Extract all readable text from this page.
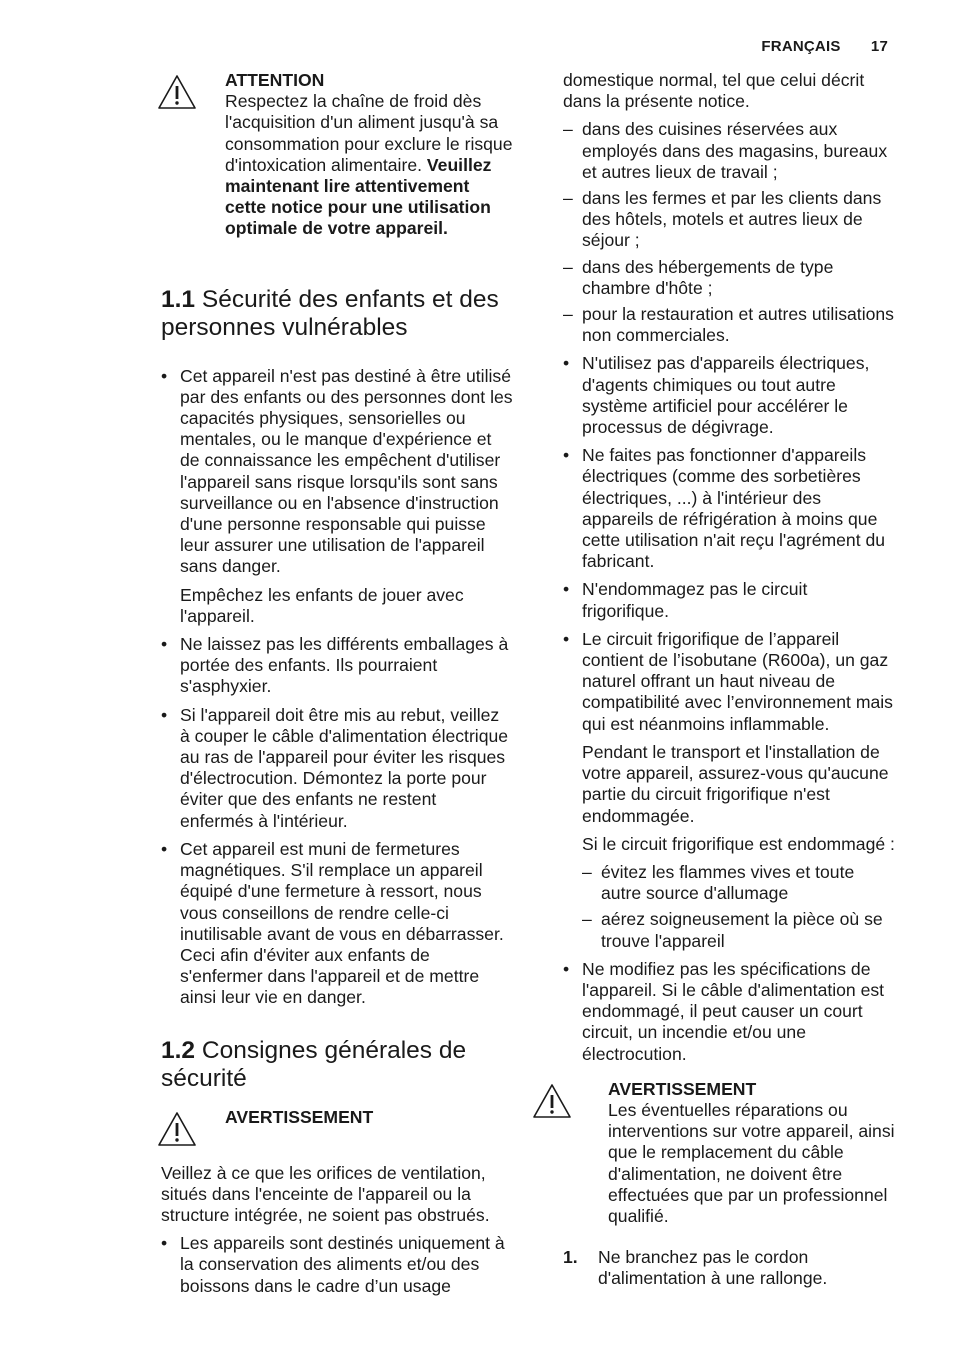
FRANÇAIS 17
ATTENTION
Respectez la chaîne de froid dès l'acquisition d'un aliment jusqu'à sa consommation pour exclure le risque d'intoxication alimentaire. Veuillez maintenant lire attentivement cette notice pour une utilisation optimale de votre appareil.
1.1 Sécurité des enfants et des personnes vulnérables
• Cet appareil n'est pas destiné à être utilisé par des enfants ou des personnes dont les capacités physiques, sensorielles ou mentales, ou le manque d'expérience et de connaissance les empêchent d'utiliser l'appareil sans risque lorsqu'ils sont sans surveillance ou en l'absence d'instruction d'une personne responsable qui puisse leur assurer une utilisation de l'appareil sans danger.

Empêchez les enfants de jouer avec l'appareil.

• Ne laissez pas les différents emballages à portée des enfants. Ils pourraient s'asphyxier.
• Si l'appareil doit être mis au rebut, veillez à couper le câble d'alimentation électrique au ras de l'appareil pour éviter les risques d'électrocution. Démontez la porte pour éviter que des enfants ne restent enfermés à l'intérieur.
• Cet appareil est muni de fermetures magnétiques. S'il remplace un appareil équipé d'une fermeture à ressort, nous vous conseillons de rendre celle-ci inutilisable avant de vous en débarrasser. Ceci afin d'éviter aux enfants de s'enfermer dans l'appareil et de mettre ainsi leur vie en danger.
1.2 Consignes générales de sécurité
AVERTISSEMENT

Veillez à ce que les orifices de ventilation, situés dans l'enceinte de l'appareil ou la structure intégrée, ne soient pas obstrués.

• Les appareils sont destinés uniquement à la conservation des aliments et/ou des boissons dans le cadre d’un usage

domestique normal, tel que celui décrit dans la présente notice.

– dans des cuisines réservées aux employés dans des magasins, bureaux et autres lieux de travail ;
– dans les fermes et par les clients dans des hôtels, motels et autres lieux de séjour ;
– dans des hébergements de type chambre d'hôte ;
– pour la restauration et autres utilisations non commerciales.
• N'utilisez pas d'appareils électriques, d'agents chimiques ou tout autre système artificiel pour accélérer le processus de dégivrage.
• Ne faites pas fonctionner d'appareils électriques (comme des sorbetières électriques, ...) à l'intérieur des appareils de réfrigération à moins que cette utilisation n'ait reçu l'agrément du fabricant.
• N'endommagez pas le circuit frigorifique.
• Le circuit frigorifique de l’appareil contient de l’isobutane (R600a), un gaz naturel offrant un haut niveau de compatibilité avec l’environnement mais qui est néanmoins inflammable.

Pendant le transport et l'installation de votre appareil, assurez-vous qu'aucune partie du circuit frigorifique n'est endommagée.

Si le circuit frigorifique est endommagé :

– évitez les flammes vives et toute autre source d'allumage
– aérez soigneusement la pièce où se trouve l'appareil
• Ne modifiez pas les spécifications de l'appareil. Si le câble d'alimentation est endommagé, il peut causer un court circuit, un incendie et/ou une électrocution.
AVERTISSEMENT
Les éventuelles réparations ou interventions sur votre appareil, ainsi que le remplacement du câble d'alimentation, ne doivent être effectuées que par un professionnel qualifié.
1. Ne branchez pas le cordon d'alimentation à une rallonge.
